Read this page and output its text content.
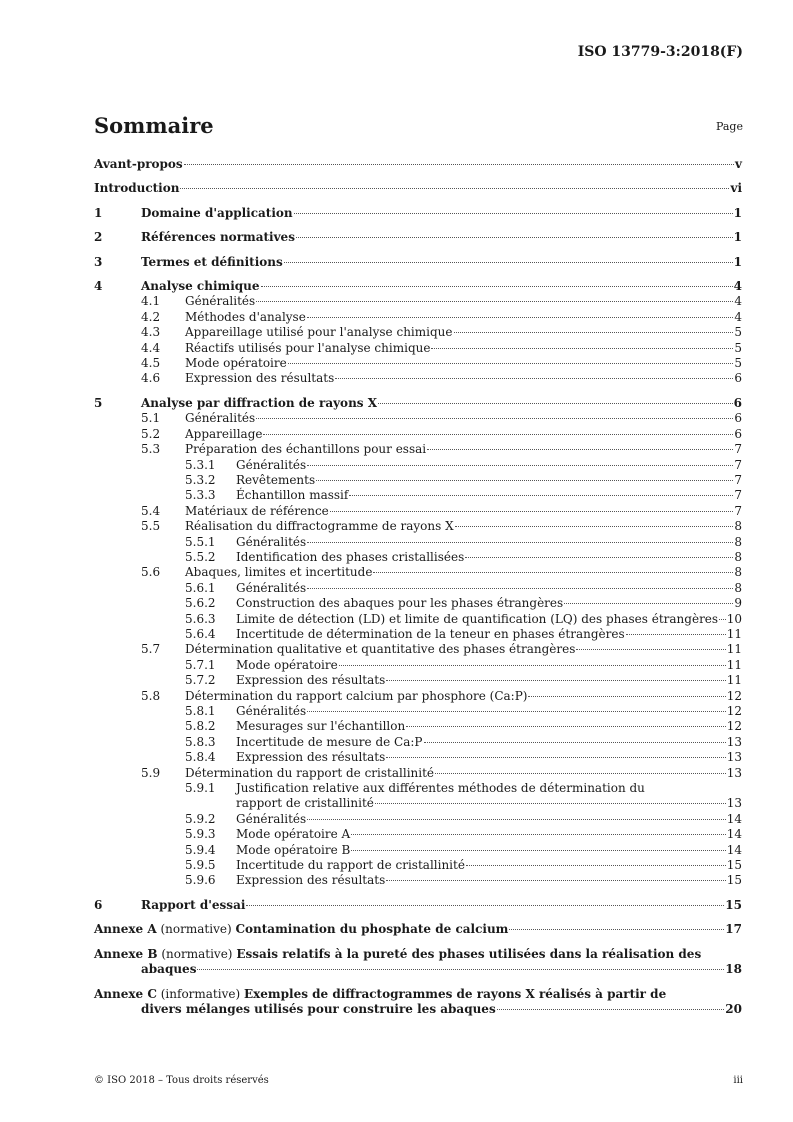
ISO 13779-3:2018(F)
Sommaire	Page
Avant-propos	v
Introduction	vi
1	Domaine d'application	1
2	Références normatives	1
3	Termes et définitions	1
4	Analyse chimique	4
4.1	Généralités	4
4.2	Méthodes d'analyse	4
4.3	Appareillage utilisé pour l'analyse chimique	5
4.4	Réactifs utilisés pour l'analyse chimique	5
4.5	Mode opératoire	5
4.6	Expression des résultats	6
5	Analyse par diffraction de rayons X	6
5.1	Généralités	6
5.2	Appareillage	6
5.3	Préparation des échantillons pour essai	7
5.3.1	Généralités	7
5.3.2	Revêtements	7
5.3.3	Échantillon massif	7
5.4	Matériaux de référence	7
5.5	Réalisation du diffractogramme de rayons X	8
5.5.1	Généralités	8
5.5.2	Identification des phases cristallisées	8
5.6	Abaques, limites et incertitude	8
5.6.1	Généralités	8
5.6.2	Construction des abaques pour les phases étrangères	9
5.6.3	Limite de détection (LD) et limite de quantification (LQ) des phases étrangères 10
5.6.4	Incertitude de détermination de la teneur en phases étrangères	11
5.7	Détermination qualitative et quantitative des phases étrangères	11
5.7.1	Mode opératoire	11
5.7.2	Expression des résultats	11
5.8	Détermination du rapport calcium par phosphore (Ca:P)	12
5.8.1	Généralités	12
5.8.2	Mesurages sur l'échantillon	12
5.8.3	Incertitude de mesure de Ca:P	13
5.8.4	Expression des résultats	13
5.9	Détermination du rapport de cristallinité	13
5.9.1	Justification relative aux différentes méthodes de détermination du
rapport de cristallinité	13
5.9.2	Généralités	14
5.9.3	Mode opératoire A	14
5.9.4	Mode opératoire B	14
5.9.5	Incertitude du rapport de cristallinité	15
5.9.6	Expression des résultats	15
6	Rapport d'essai	15
Annexe A
(normative)
Contamination du phosphate de calcium	17
Annexe B
(normative)
Essais relatifs à la pureté des phases utilisées dans la réalisation des
abaques	18
Annexe C
(informative)
Exemples de diffractogrammes de rayons X réalisés à partir de
divers mélanges utilisés pour construire les abaques	20
© ISO 2018 – Tous droits réservés	iii
